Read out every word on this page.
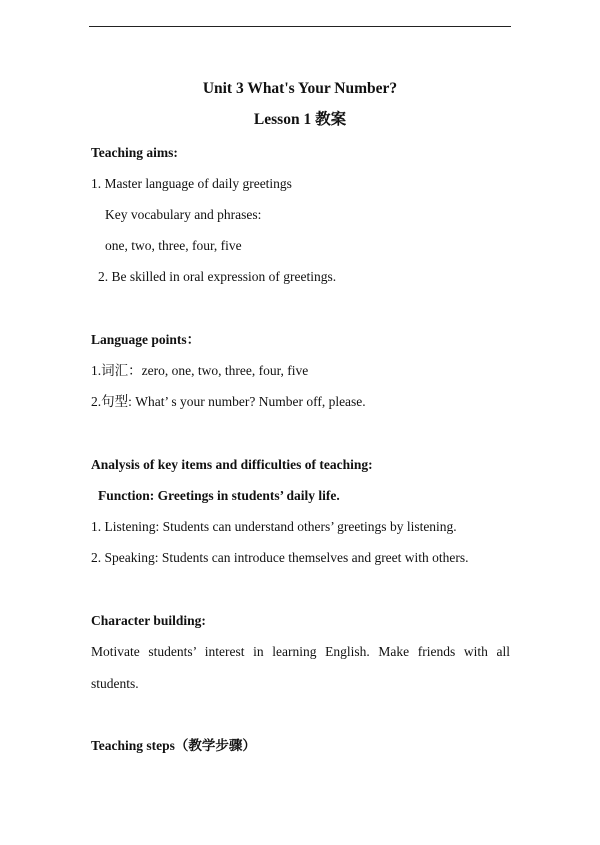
Unit 3 What's Your Number?
Lesson 1 教案
Teaching aims:
1. Master language of daily greetings
Key vocabulary and phrases:
one, two, three, four, five
2. Be skilled in oral expression of greetings.
Language points：
1.词汇：zero, one, two, three, four, five
2.句型: What’ s your number? Number off, please.
Analysis of key items and difficulties of teaching:
Function: Greetings in students’ daily life.
1. Listening: Students can understand others’ greetings by listening.
2. Speaking: Students can introduce themselves and greet with others.
Character building:
Motivate students’ interest in learning English. Make friends with all
students.
Teaching steps（教学步骤）
